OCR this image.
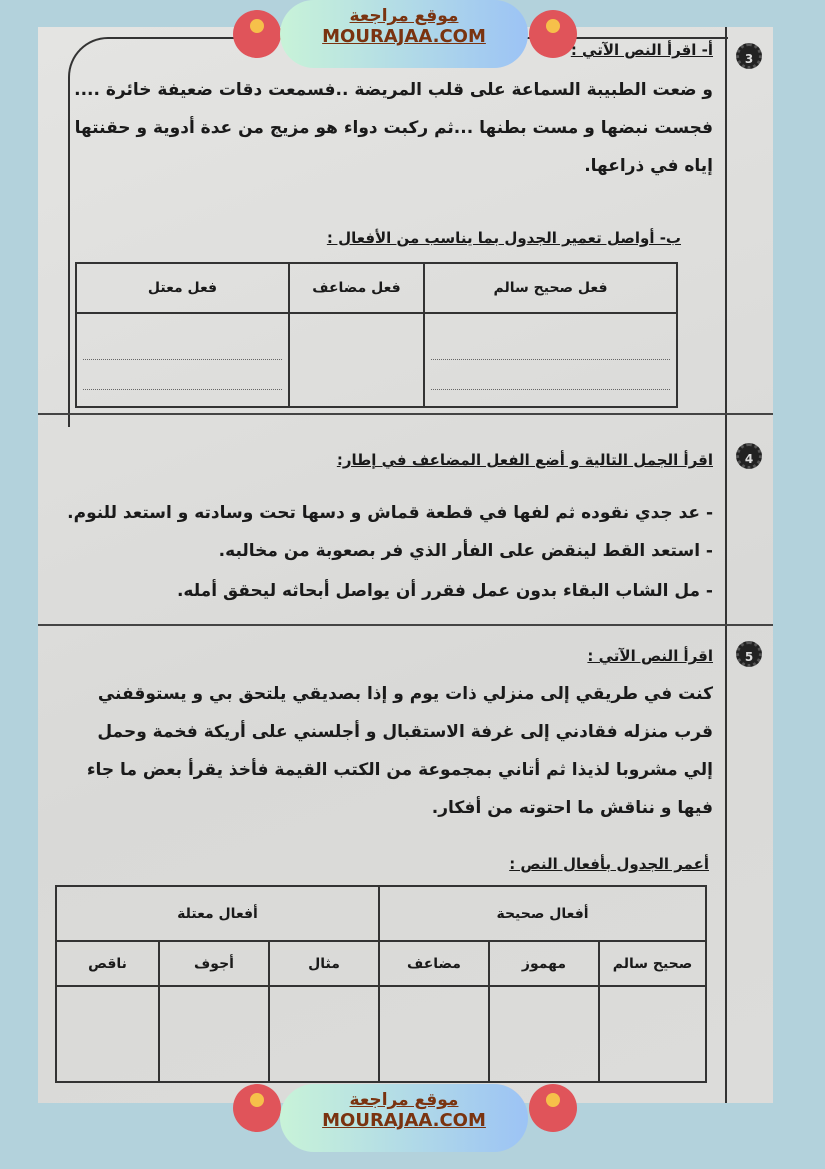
3
أ- اقرأ النص الآتي :
و ضعت الطبيبة السماعة على قلب المريضة ..فسمعت دقات ضعيفة خائرة .... فجست نبضها و مست بطنها ...ثم ركبت دواء هو مزيج من عدة أدوية و حقنتها إياه في ذراعها.
ب- أواصل تعمير الجدول بما يناسب من الأفعال :
فعل صحيح سالم	فعل مضاعف	فعل معتل

4
اقرأ الجمل التالية و أضع الفعل المضاعف في إطار:
- عد جدي نقوده ثم لفها في قطعة قماش و دسها تحت وسادته و استعد للنوم.
- استعد القط لينقض على الفأر الذي فر بصعوبة من مخالبه.
- مل الشاب البقاء بدون عمل فقرر أن يواصل أبحاثه ليحقق أمله.
5
اقرأ النص الآتي :
كنت في طريقي إلى منزلي ذات يوم و إذا بصديقي يلتحق بي و يستوقفني قرب منزله فقادني إلى غرفة الاستقبال و أجلسني على أريكة فخمة وحمل إلي مشروبا لذيذا ثم أتاني بمجموعة من الكتب القيمة فأخذ يقرأ بعض ما جاء فيها و نناقش ما احتوته من أفكار.
أعمر الجدول بأفعال النص :
أفعال صحيحة			أفعال معتلة		
صحيح سالم	مهموز	مضاعف	مثال	أجوف	ناقص

موقع مراجعة
MOURAJAA.COM
موقع مراجعة
MOURAJAA.COM
